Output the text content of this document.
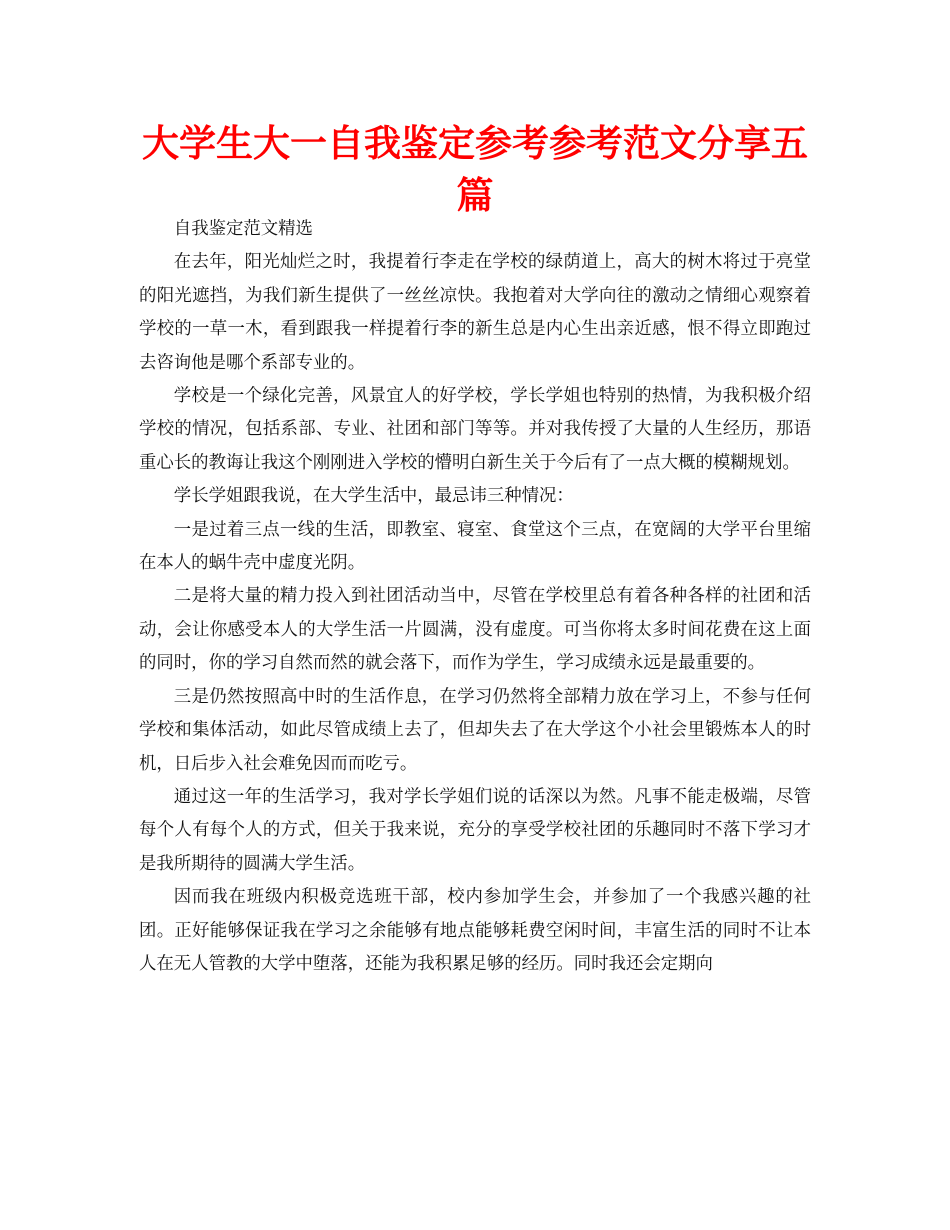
大学生大一自我鉴定参考参考范文分享五篇

自我鉴定范文精选

在去年，阳光灿烂之时，我提着行李走在学校的绿荫道上，高大的树木将过于亮堂的阳光遮挡，为我们新生提供了一丝丝凉快。我抱着对大学向往的激动之情细心观察着学校的一草一木，看到跟我一样提着行李的新生总是内心生出亲近感，恨不得立即跑过去咨询他是哪个系部专业的。

学校是一个绿化完善，风景宜人的好学校，学长学姐也特别的热情，为我积极介绍学校的情况，包括系部、专业、社团和部门等等。并对我传授了大量的人生经历，那语重心长的教诲让我这个刚刚进入学校的懵明白新生关于今后有了一点大概的模糊规划。

学长学姐跟我说，在大学生活中，最忌讳三种情况：

一是过着三点一线的生活，即教室、寝室、食堂这个三点，在宽阔的大学平台里缩在本人的蜗牛壳中虚度光阴。

二是将大量的精力投入到社团活动当中，尽管在学校里总有着各种各样的社团和活动，会让你感受本人的大学生活一片圆满，没有虚度。可当你将太多时间花费在这上面的同时，你的学习自然而然的就会落下，而作为学生，学习成绩永远是最重要的。

三是仍然按照高中时的生活作息，在学习仍然将全部精力放在学习上，不参与任何学校和集体活动，如此尽管成绩上去了，但却失去了在大学这个小社会里锻炼本人的时机，日后步入社会难免因而而吃亏。

通过这一年的生活学习，我对学长学姐们说的话深以为然。凡事不能走极端，尽管每个人有每个人的方式，但关于我来说，充分的享受学校社团的乐趣同时不落下学习才是我所期待的圆满大学生活。

因而我在班级内积极竞选班干部，校内参加学生会，并参加了一个我感兴趣的社团。正好能够保证我在学习之余能够有地点能够耗费空闲时间，丰富生活的同时不让本人在无人管教的大学中堕落，还能为我积累足够的经历。同时我还会定期向
